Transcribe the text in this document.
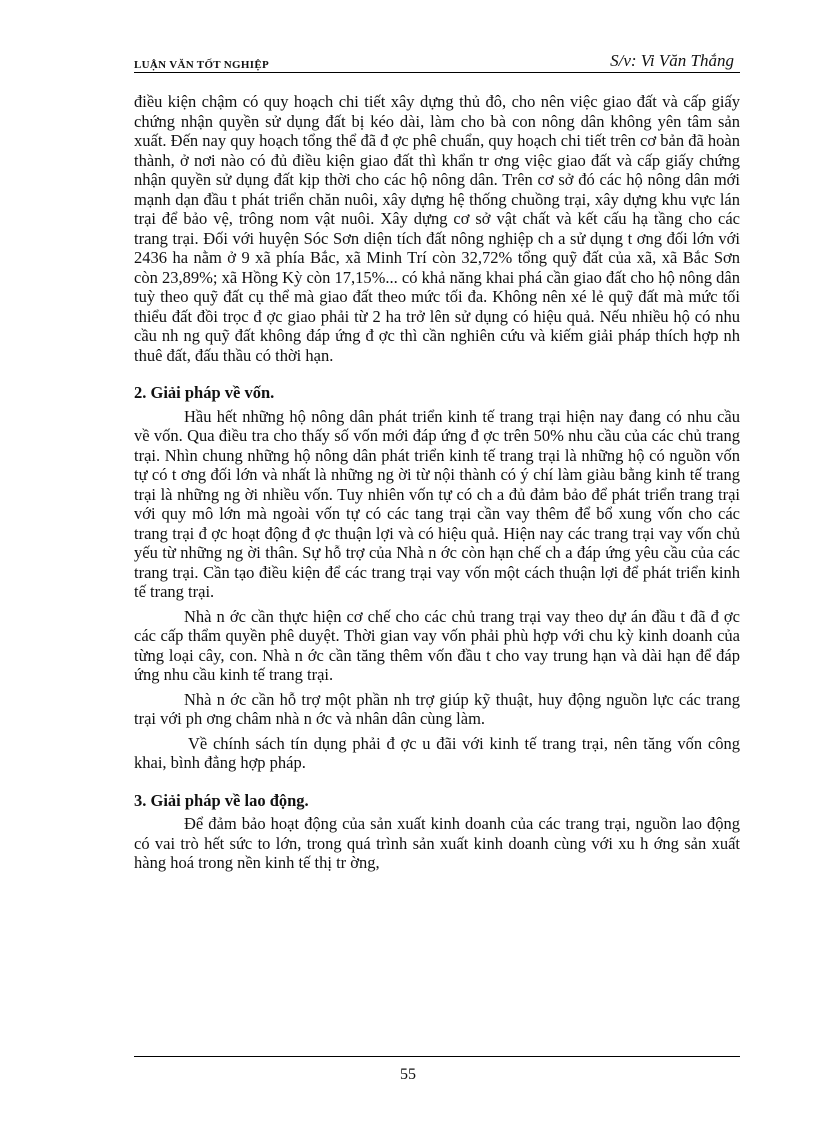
LUẬN VĂN TỐT NGHIỆP	S/v: Vi Văn Thắng

điều kiện chậm có quy hoạch chi tiết xây dựng thủ đô, cho nên việc giao đất và cấp giấy chứng nhận quyền sử dụng đất bị kéo dài, làm cho bà con nông dân không yên tâm sản xuất. Đến nay quy hoạch tổng thể đã đ ợc phê chuẩn, quy hoạch chi tiết trên cơ bản đã hoàn thành, ở nơi nào có đủ điều kiện giao đất thì khẩn tr ơng việc giao đất và cấp giấy chứng nhận quyền sử dụng đất kịp thời cho các hộ nông dân. Trên cơ sở đó các hộ nông dân mới mạnh dạn đầu t phát triển chăn nuôi, xây dựng hệ thống chuồng trại, xây dựng khu vực lán trại để bảo vệ, trông nom vật nuôi. Xây dựng cơ sở vật chất và kết cấu hạ tầng cho các trang trại. Đối với huyện Sóc Sơn diện tích đất nông nghiệp ch a sử dụng t ơng đối lớn với 2436 ha nằm ở 9 xã phía Bắc, xã Minh Trí còn 32,72% tổng quỹ đất của xã, xã Bắc Sơn còn 23,89%; xã Hồng Kỳ còn 17,15%... có khả năng khai phá cần giao đất cho hộ nông dân tuỳ theo quỹ đất cụ thể mà giao đất theo mức tối đa. Không nên xé lẻ quỹ đất mà mức tối thiểu đất đồi trọc đ ợc giao phải từ 2 ha trở lên sử dụng có hiệu quả. Nếu nhiều hộ có nhu cầu nh ng quỹ đất không đáp ứng đ ợc thì cần nghiên cứu và kiếm giải pháp thích hợp nh thuê đất, đấu thầu có thời hạn.

2. Giải pháp về vốn.

Hầu hết những hộ nông dân phát triển kinh tế trang trại hiện nay đang có nhu cầu về vốn. Qua điều tra cho thấy số vốn mới đáp ứng đ ợc trên 50% nhu cầu của các chủ trang trại. Nhìn chung những hộ nông dân phát triển kinh tế trang trại là những hộ có nguồn vốn tự có t ơng đối lớn và nhất là những ng ời từ nội thành có ý chí làm giàu bằng kinh tế trang trại là những ng ời nhiều vốn. Tuy nhiên vốn tự có ch a đủ đảm bảo để phát triển trang trại với quy mô lớn mà ngoài vốn tự có các tang trại cần vay thêm để bổ xung vốn cho các trang trại đ ợc hoạt động đ ợc thuận lợi và có hiệu quả. Hiện nay các trang trại vay vốn chủ yếu từ những ng ời thân. Sự hỗ trợ của Nhà n ớc còn hạn chế ch a đáp ứng yêu cầu của các trang trại. Cần tạo điều kiện để các trang trại vay vốn một cách thuận lợi để phát triển kinh tế trang trại.

Nhà n ớc cần thực hiện cơ chế cho các chủ trang trại vay theo dự án đầu t đã đ ợc các cấp thẩm quyền phê duyệt. Thời gian vay vốn phải phù hợp với chu kỳ kinh doanh của từng loại cây, con. Nhà n ớc cần tăng thêm vốn đầu t cho vay trung hạn và dài hạn để đáp ứng nhu cầu kinh tế trang trại.

Nhà n ớc cần hỗ trợ một phần nh trợ giúp kỹ thuật, huy động nguồn lực các trang trại với ph ơng châm nhà n ớc và nhân dân cùng làm.

Về chính sách tín dụng phải đ ợc u đãi với kinh tế trang trại, nên tăng vốn công khai, bình đẳng hợp pháp.

3. Giải pháp về lao động.

Để đảm bảo hoạt động của sản xuất kinh doanh của các trang trại, nguồn lao động có vai trò hết sức to lớn, trong quá trình sản xuất kinh doanh cùng với xu h ớng sản xuất hàng hoá trong nền kinh tế thị tr ờng,

55
